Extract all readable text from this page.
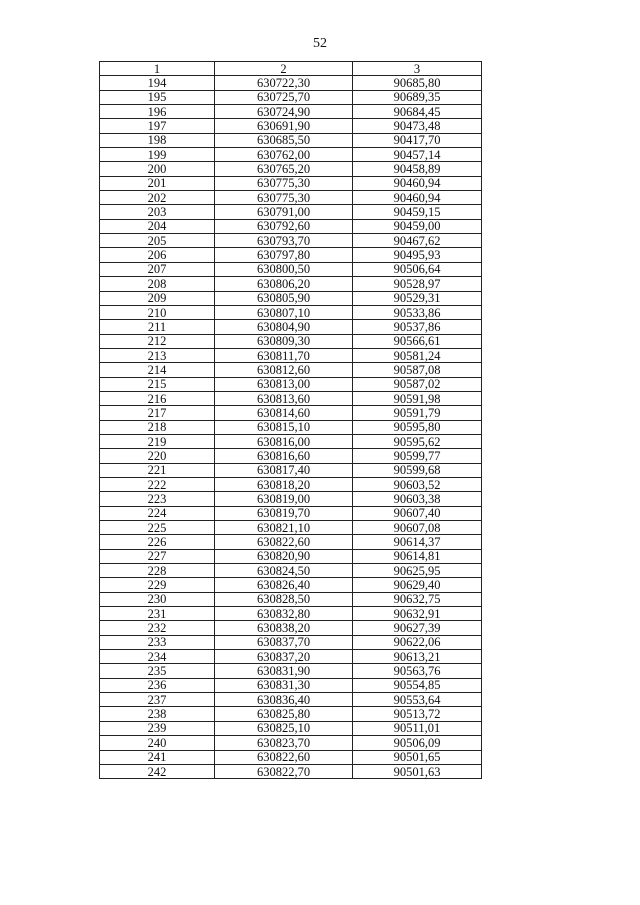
52
1	2	3
194	630722,30	90685,80
195	630725,70	90689,35
196	630724,90	90684,45
197	630691,90	90473,48
198	630685,50	90417,70
199	630762,00	90457,14
200	630765,20	90458,89
201	630775,30	90460,94
202	630775,30	90460,94
203	630791,00	90459,15
204	630792,60	90459,00
205	630793,70	90467,62
206	630797,80	90495,93
207	630800,50	90506,64
208	630806,20	90528,97
209	630805,90	90529,31
210	630807,10	90533,86
211	630804,90	90537,86
212	630809,30	90566,61
213	630811,70	90581,24
214	630812,60	90587,08
215	630813,00	90587,02
216	630813,60	90591,98
217	630814,60	90591,79
218	630815,10	90595,80
219	630816,00	90595,62
220	630816,60	90599,77
221	630817,40	90599,68
222	630818,20	90603,52
223	630819,00	90603,38
224	630819,70	90607,40
225	630821,10	90607,08
226	630822,60	90614,37
227	630820,90	90614,81
228	630824,50	90625,95
229	630826,40	90629,40
230	630828,50	90632,75
231	630832,80	90632,91
232	630838,20	90627,39
233	630837,70	90622,06
234	630837,20	90613,21
235	630831,90	90563,76
236	630831,30	90554,85
237	630836,40	90553,64
238	630825,80	90513,72
239	630825,10	90511,01
240	630823,70	90506,09
241	630822,60	90501,65
242	630822,70	90501,63
